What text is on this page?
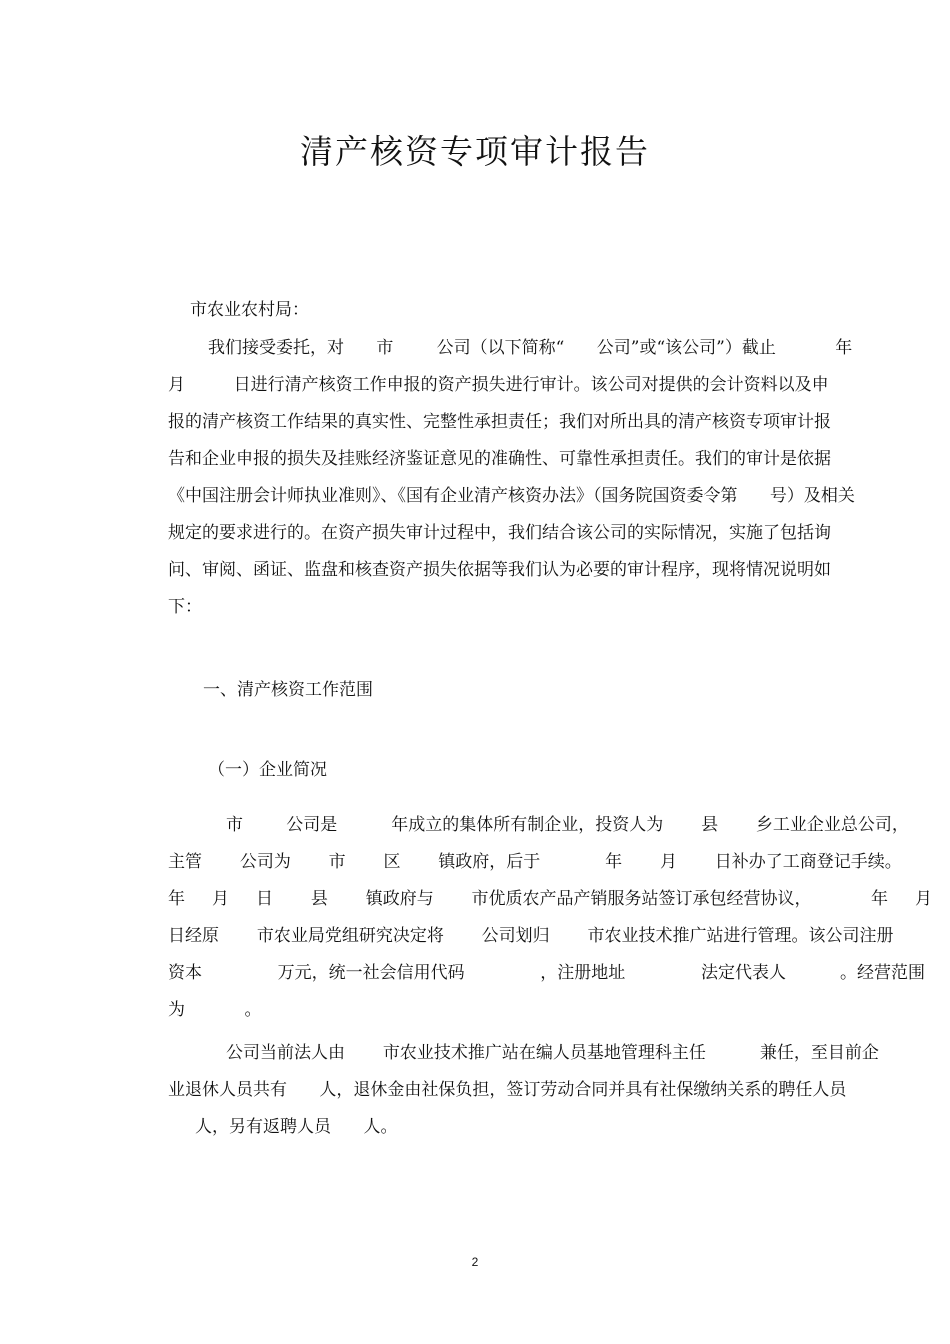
清产核资专项审计报告
市农业农村局：
我们接受委托，对      市        公司（以下简称“      公司”或“该公司”）截止           年
月         日进行清产核资工作申报的资产损失进行审计。该公司对提供的会计资料以及申
报的清产核资工作结果的真实性、完整性承担责任；我们对所出具的清产核资专项审计报
告和企业申报的损失及挂账经济鉴证意见的准确性、可靠性承担责任。我们的审计是依据
《中国注册会计师执业准则》、《国有企业清产核资办法》（国务院国资委令第      号）及相关
规定的要求进行的。在资产损失审计过程中，我们结合该公司的实际情况，实施了包括询
问、审阅、函证、监盘和核查资产损失依据等我们认为必要的审计程序，现将情况说明如
下：
一、清产核资工作范围
（一）企业简况
市        公司是          年成立的集体所有制企业，投资人为       县       乡工业企业总公司，
主管       公司为       市       区       镇政府，后于            年       月       日补办了工商登记手续。
年     月     日       县       镇政府与       市优质农产品产销服务站签订承包经营协议，           年     月
日经原       市农业局党组研究决定将       公司划归       市农业技术推广站进行管理。该公司注册
资本              万元，统一社会信用代码              ，注册地址              法定代表人          。经营范围
为           。
公司当前法人由       市农业技术推广站在编人员基地管理科主任          兼任，至目前企
业退休人员共有      人，退休金由社保负担，签订劳动合同并具有社保缴纳关系的聘任人员
人，另有返聘人员      人。
2
